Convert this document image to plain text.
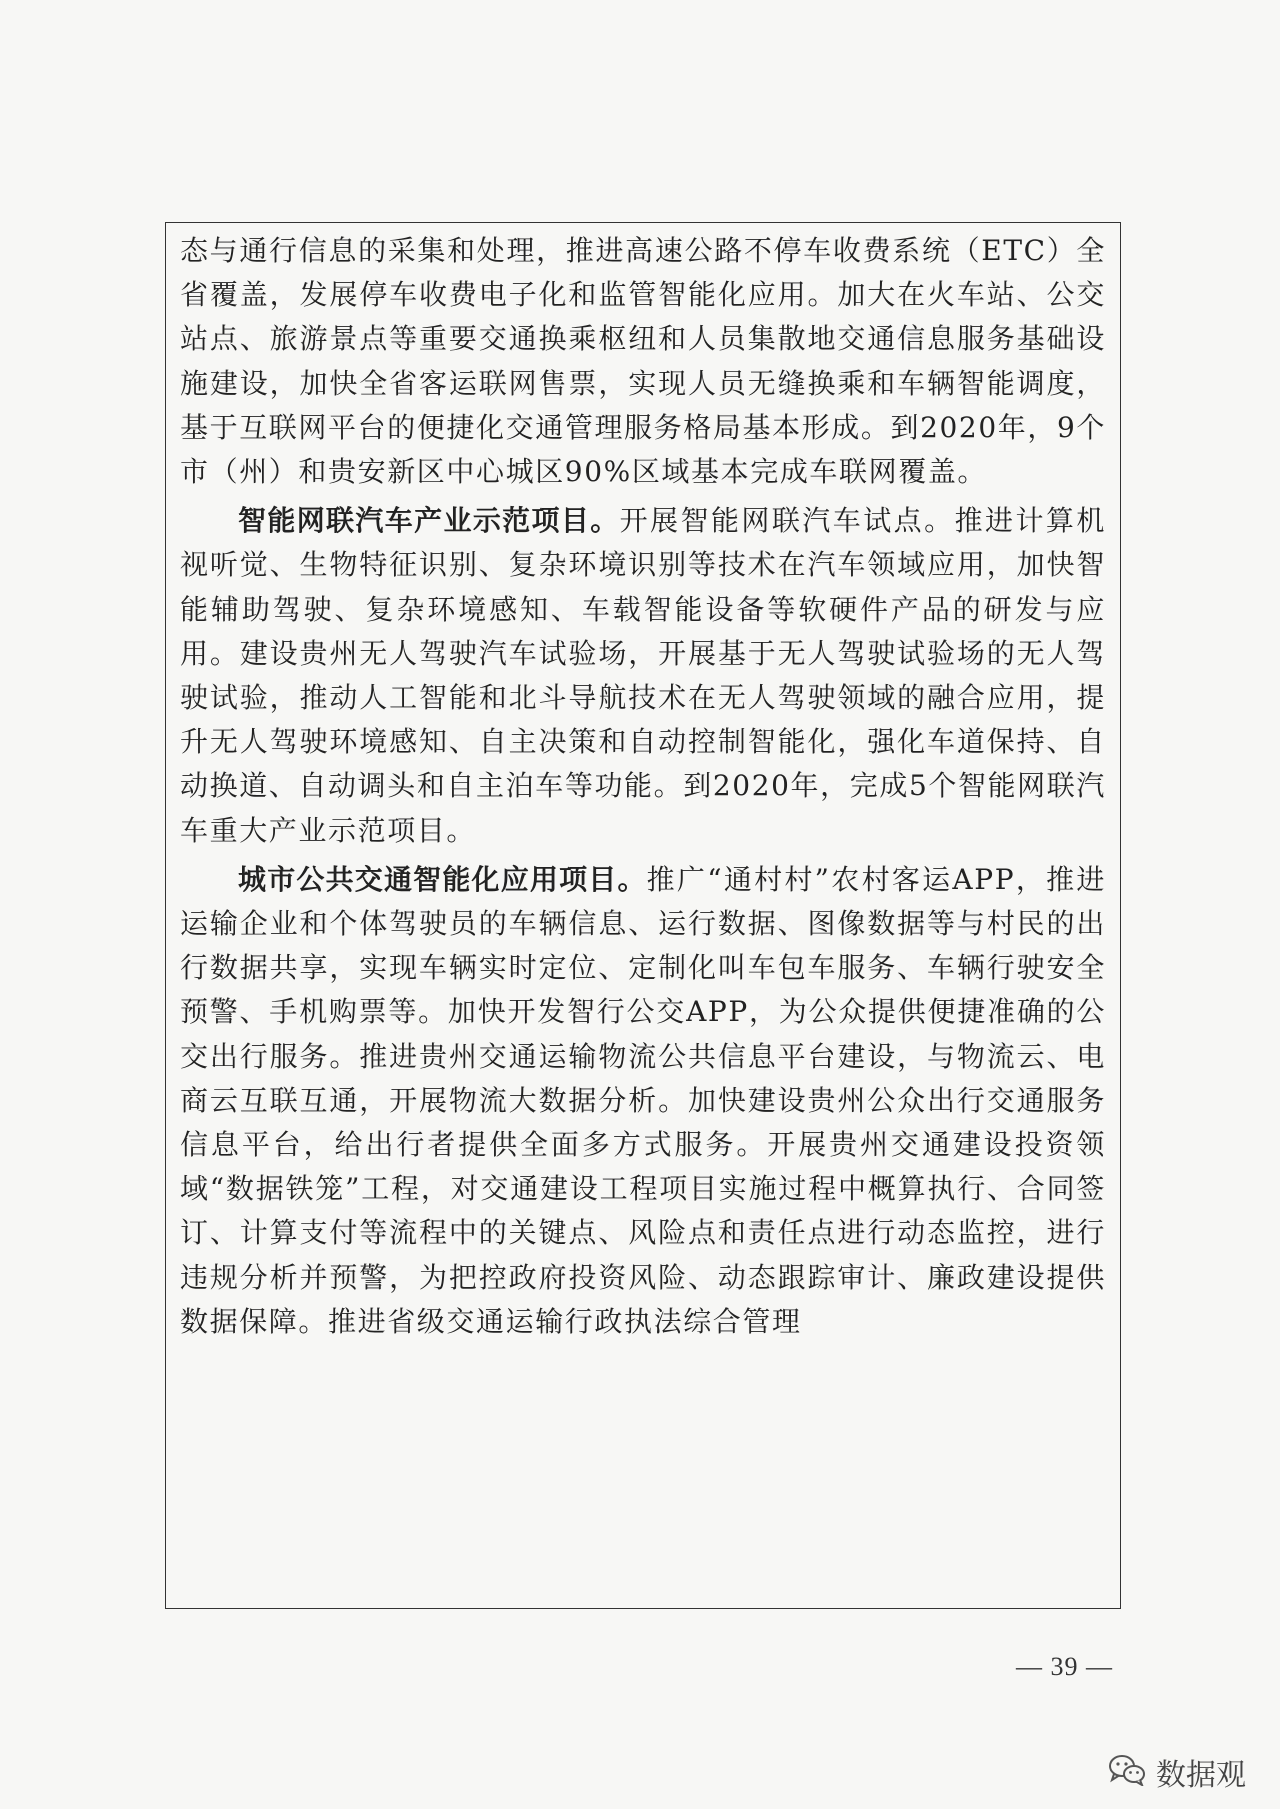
态与通行信息的采集和处理，推进高速公路不停车收费系统（ETC）全省覆盖，发展停车收费电子化和监管智能化应用。加大在火车站、公交站点、旅游景点等重要交通换乘枢纽和人员集散地交通信息服务基础设施建设，加快全省客运联网售票，实现人员无缝换乘和车辆智能调度，基于互联网平台的便捷化交通管理服务格局基本形成。到2020年，9个市（州）和贵安新区中心城区90%区域基本完成车联网覆盖。

智能网联汽车产业示范项目。开展智能网联汽车试点。推进计算机视听觉、生物特征识别、复杂环境识别等技术在汽车领域应用，加快智能辅助驾驶、复杂环境感知、车载智能设备等软硬件产品的研发与应用。建设贵州无人驾驶汽车试验场，开展基于无人驾驶试验场的无人驾驶试验，推动人工智能和北斗导航技术在无人驾驶领域的融合应用，提升无人驾驶环境感知、自主决策和自动控制智能化，强化车道保持、自动换道、自动调头和自主泊车等功能。到2020年，完成5个智能网联汽车重大产业示范项目。

城市公共交通智能化应用项目。推广“通村村”农村客运APP，推进运输企业和个体驾驶员的车辆信息、运行数据、图像数据等与村民的出行数据共享，实现车辆实时定位、定制化叫车包车服务、车辆行驶安全预警、手机购票等。加快开发智行公交APP，为公众提供便捷准确的公交出行服务。推进贵州交通运输物流公共信息平台建设，与物流云、电商云互联互通，开展物流大数据分析。加快建设贵州公众出行交通服务信息平台，给出行者提供全面多方式服务。开展贵州交通建设投资领域“数据铁笼”工程，对交通建设工程项目实施过程中概算执行、合同签订、计算支付等流程中的关键点、风险点和责任点进行动态监控，进行违规分析并预警，为把控政府投资风险、动态跟踪审计、廉政建设提供数据保障。推进省级交通运输行政执法综合管理

— 39 —
数据观
